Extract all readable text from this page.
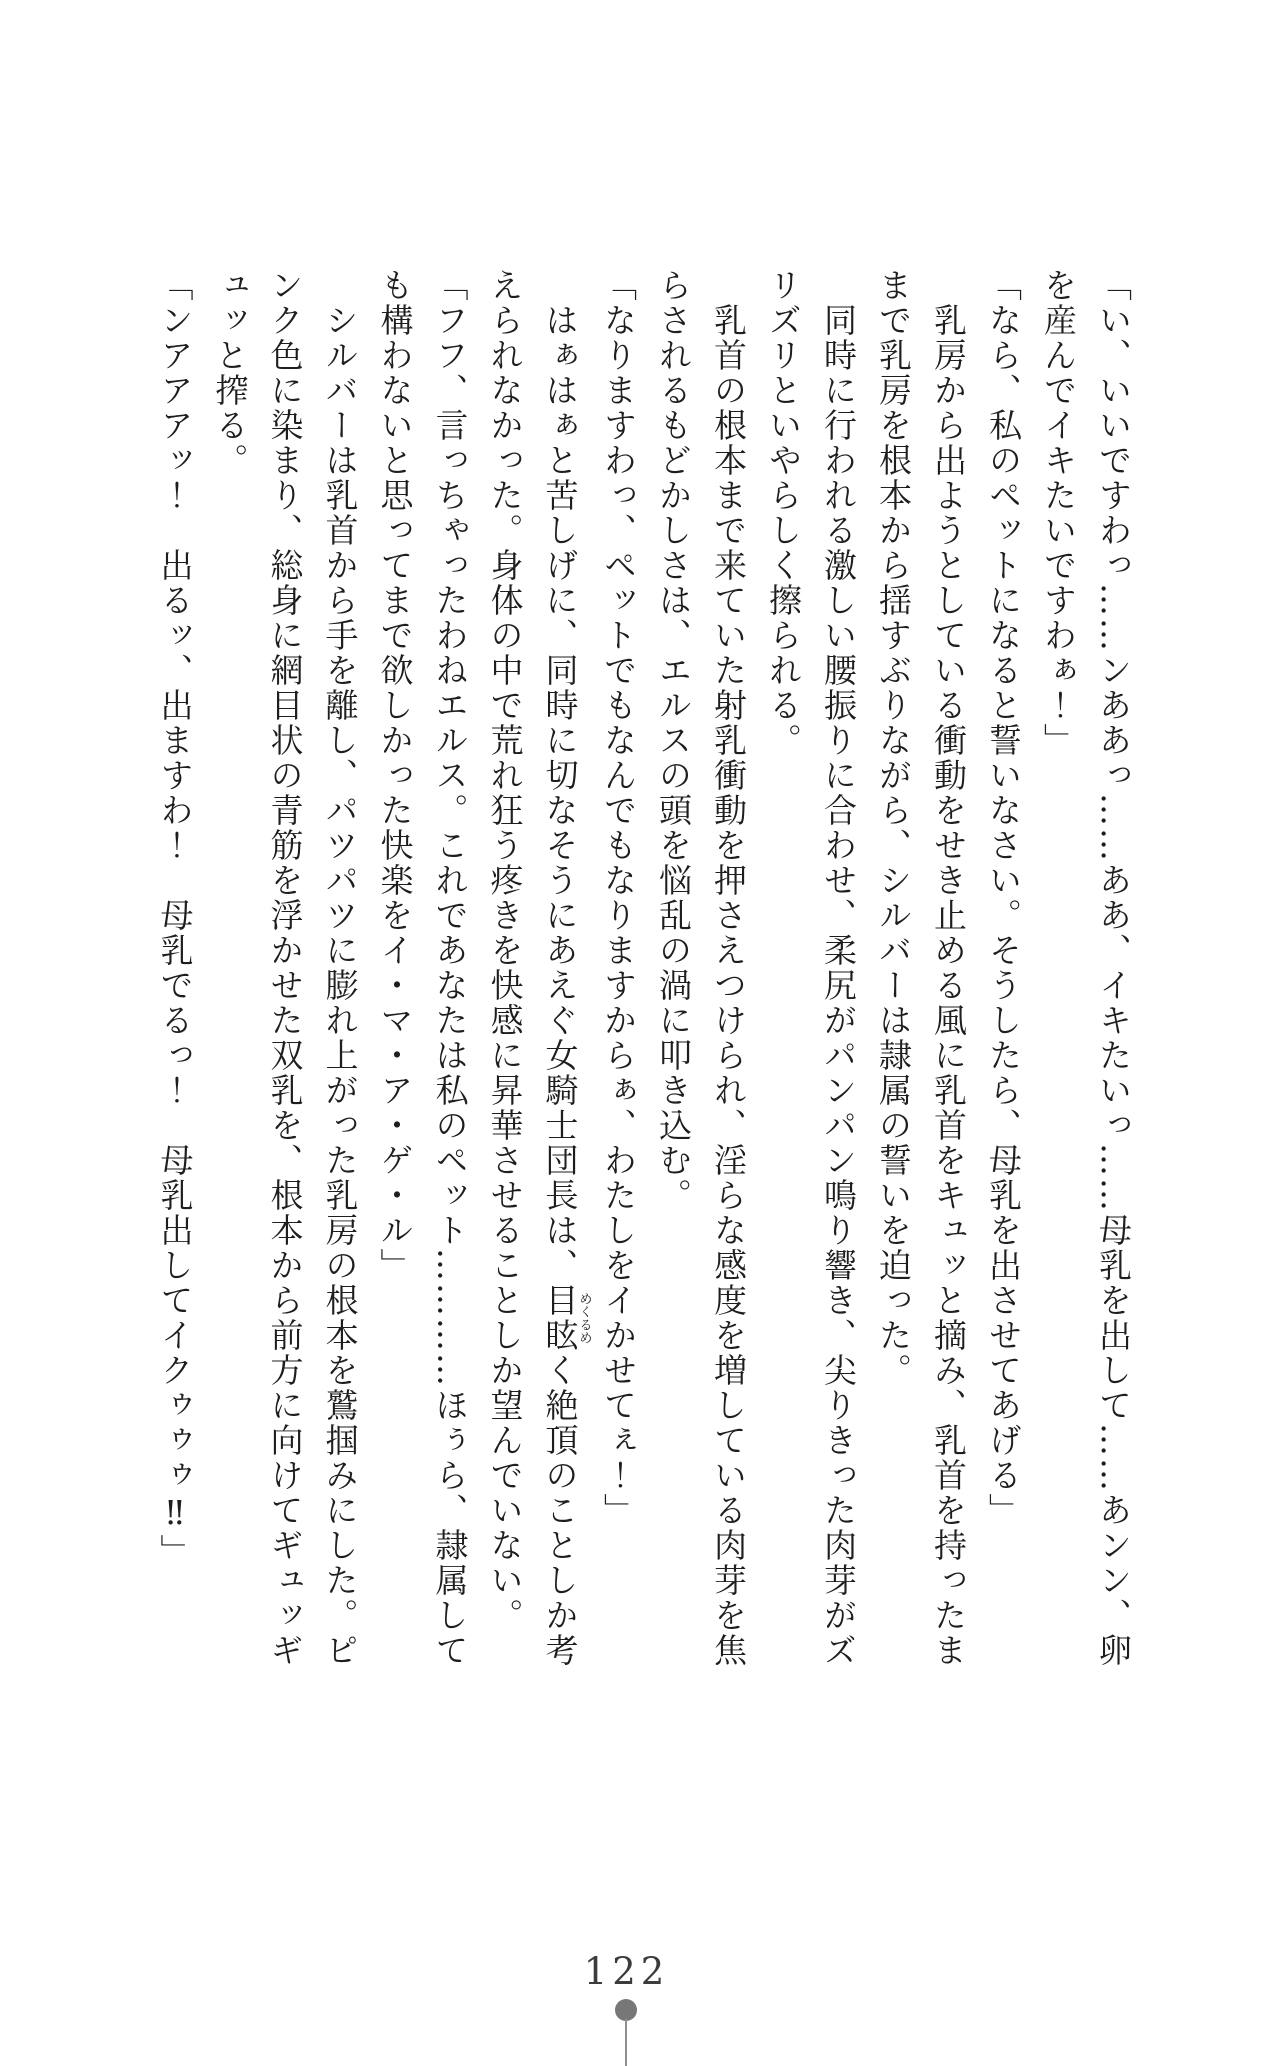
「い、いいですわっ……ンああっ……ああ、イキたいっ……母乳を出して……あンン、卵

を産んでイキたいですわぁ！」

「なら、私のペットになると誓いなさい。そうしたら、母乳を出させてあげる」

乳房から出ようとしている衝動をせき止める風に乳首をキュッと摘み、乳首を持ったま

まで乳房を根本から揺すぶりながら、シルバーは隷属の誓いを迫った。

同時に行われる激しい腰振りに合わせ、柔尻がパンパン鳴り響き、尖りきった肉芽がズ

リズリといやらしく擦られる。

乳首の根本まで来ていた射乳衝動を押さえつけられ、淫らな感度を増している肉芽を焦

らされるもどかしさは、エルスの頭を悩乱の渦に叩き込む。

「なりますわっ、ペットでもなんでもなりますからぁ、わたしをイかせてぇ！」

はぁはぁと苦しげに、同時に切なそうにあえぐ女騎士団長は、目眩めくるめく絶頂のことしか考

えられなかった。身体の中で荒れ狂う疼きを快感に昇華させることしか望んでいない。

「フフ、言っちゃったわねエルス。これであなたは私のペット…………ほぅら、隷属して

も構わないと思ってまで欲しかった快楽をイ・マ・ア・ゲ・ル」

シルバーは乳首から手を離し、パツパツに膨れ上がった乳房の根本を鷲掴みにした。ピ

ンク色に染まり、総身に網目状の青筋を浮かせた双乳を、根本から前方に向けてギュッギ

ュッと搾る。

「ンアアアッ！　出るッ、出ますわ！　母乳でるっ！　母乳出してイクゥゥゥ‼」

122
